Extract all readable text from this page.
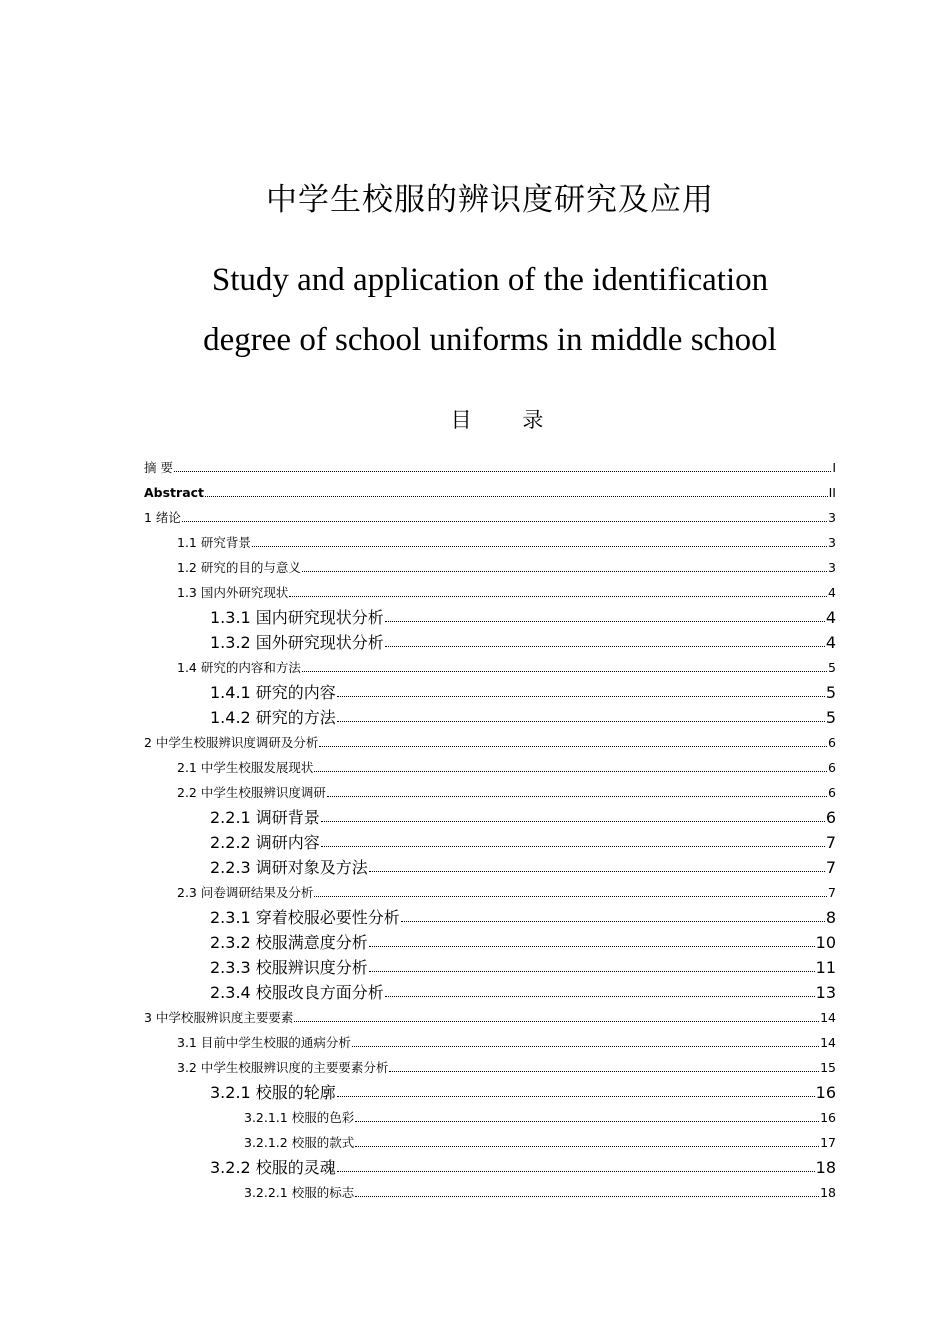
中学生校服的辨识度研究及应用
Study and application of the identification
degree of school uniforms in middle school
目 录
摘 要	I
Abstract	II
1 绪论	3
1.1 研究背景	3
1.2 研究的目的与意义	3
1.3 国内外研究现状	4
1.3.1 国内研究现状分析	4
1.3.2 国外研究现状分析	4
1.4 研究的内容和方法	5
1.4.1 研究的内容	5
1.4.2 研究的方法	5
2 中学生校服辨识度调研及分析	6
2.1 中学生校服发展现状	6
2.2 中学生校服辨识度调研	6
2.2.1 调研背景	6
2.2.2 调研内容	7
2.2.3 调研对象及方法	7
2.3 问卷调研结果及分析	7
2.3.1 穿着校服必要性分析	8
2.3.2 校服满意度分析	10
2.3.3 校服辨识度分析	11
2.3.4 校服改良方面分析	13
3 中学校服辨识度主要要素	14
3.1 目前中学生校服的通病分析	14
3.2 中学生校服辨识度的主要要素分析	15
3.2.1 校服的轮廓	16
3.2.1.1 校服的色彩	16
3.2.1.2 校服的款式	17
3.2.2 校服的灵魂	18
3.2.2.1 校服的标志	18
